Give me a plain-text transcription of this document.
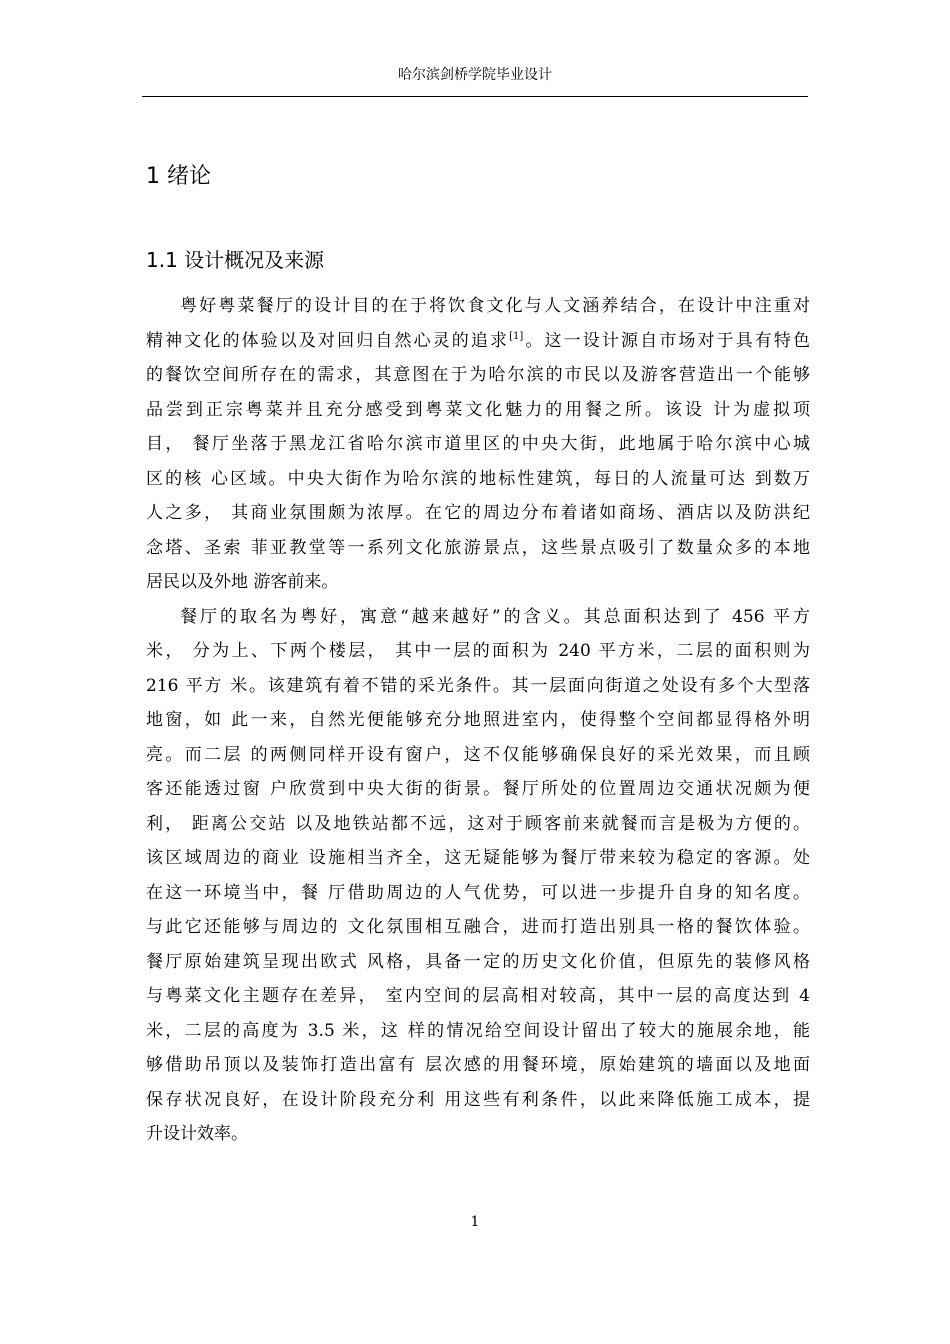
哈尔滨剑桥学院毕业设计
1 绪论
1.1 设计概况及来源
粤好粤菜餐厅的设计目的在于将饮食文化与人文涵养结合，在设计中注重对
精神文化的体验以及对回归自然心灵的追求[1]。这一设计源自市场对于具有特色
的餐饮空间所存在的需求，其意图在于为哈尔滨的市民以及游客营造出一个能够
品尝到正宗粤菜并且充分感受到粤菜文化魅力的用餐之所。该设 计为虚拟项
目， 餐厅坐落于黑龙江省哈尔滨市道里区的中央大街，此地属于哈尔滨中心城
区的核 心区域。中央大街作为哈尔滨的地标性建筑，每日的人流量可达 到数万
人之多， 其商业氛围颇为浓厚。在它的周边分布着诸如商场、酒店以及防洪纪
念塔、圣索 菲亚教堂等一系列文化旅游景点，这些景点吸引了数量众多的本地
居民以及外地 游客前来。
餐厅的取名为粤好，寓意“越来越好”的含义。其总面积达到了 456 平方
米， 分为上、下两个楼层， 其中一层的面积为 240 平方米，二层的面积则为
216 平方 米。该建筑有着不错的采光条件。其一层面向街道之处设有多个大型落
地窗，如 此一来，自然光便能够充分地照进室内，使得整个空间都显得格外明
亮。而二层 的两侧同样开设有窗户，这不仅能够确保良好的采光效果，而且顾
客还能透过窗 户欣赏到中央大街的街景。餐厅所处的位置周边交通状况颇为便
利， 距离公交站 以及地铁站都不远，这对于顾客前来就餐而言是极为方便的。
该区域周边的商业 设施相当齐全，这无疑能够为餐厅带来较为稳定的客源。处
在这一环境当中，餐 厅借助周边的人气优势，可以进一步提升自身的知名度。
与此它还能够与周边的 文化氛围相互融合，进而打造出别具一格的餐饮体验。
餐厅原始建筑呈现出欧式 风格，具备一定的历史文化价值，但原先的装修风格
与粤菜文化主题存在差异， 室内空间的层高相对较高，其中一层的高度达到 4
米，二层的高度为 3.5 米，这 样的情况给空间设计留出了较大的施展余地，能
够借助吊顶以及装饰打造出富有 层次感的用餐环境，原始建筑的墙面以及地面
保存状况良好，在设计阶段充分利 用这些有利条件，以此来降低施工成本，提
升设计效率。
1
